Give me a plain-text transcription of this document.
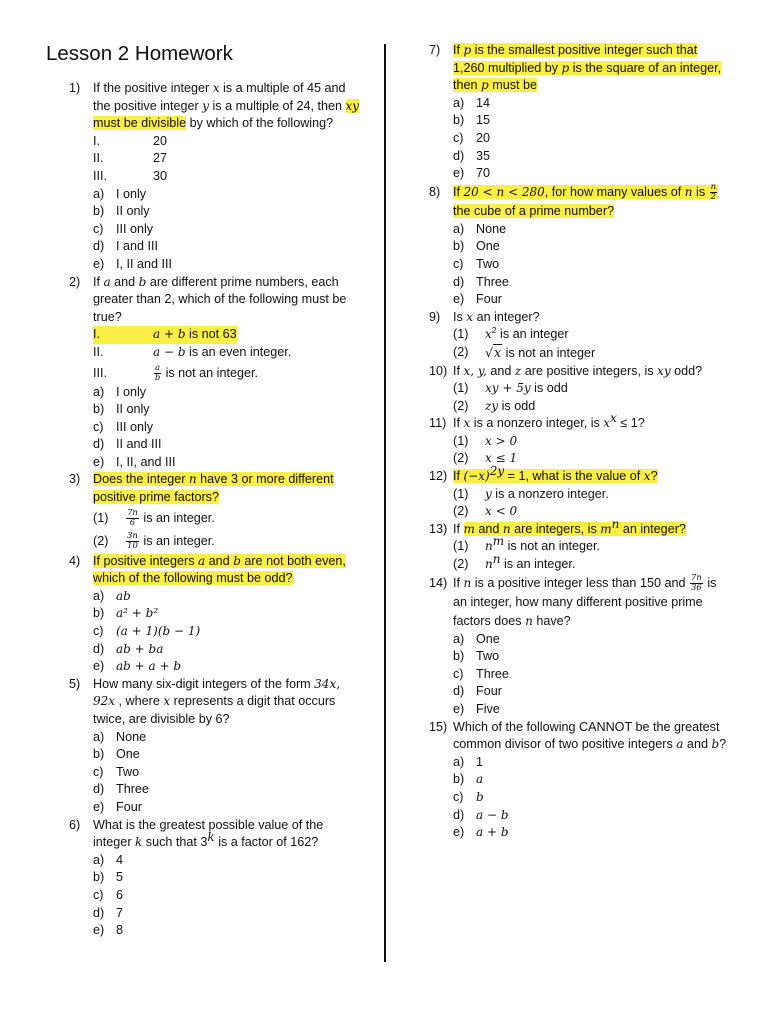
Lesson 2 Homework
1)	If the positive integer x is a multiple of 45 and the positive integer y is a multiple of 24, then xy must be divisible by which of the following?
I.	20
II.	27
III.	30
a) I only
b) II only
c) III only
d) I and III
e) I, II and III
2)	If a and b are different prime numbers, each greater than 2, which of the following must be true?
I.	a + b is not 63
II.	a − b is an even integer.
III.	$\frac{a}{b}$ is not an integer.
a) I only
b) II only
c) III only
d) II and III
e) I, II, and III
3)	Does the integer n have 3 or more different positive prime factors?
(1)	$\frac{7n}{6}$ is an integer.
(2)	$\frac{3n}{10}$ is an integer.
4)	If positive integers a and b are not both even, which of the following must be odd?
a) ab
b) a² + b²
c)	(a + 1)(b − 1)
d) ab + ba
e) ab + a + b
5)	How many six-digit integers of the form 34x, 92x , where x represents a digit that occurs twice, are divisible by 6?
a) None
b) One
c) Two
d) Three
e) Four
6)	What is the greatest possible value of the integer k such that 3$^k$ is a factor of 162?
a) 4
b) 5
c) 6
d) 7
e) 8
7)	If p is the smallest positive integer such that 1,260 multiplied by p is the square of an integer, then p must be
a) 14
b) 15
c) 20
d) 35
e) 70
8)	If 20 < n < 280, for how many values of n is $\frac{n}{2}$
the cube of a prime number?
a) None
b) One
c) Two
d) Three
e) Four
9)	Is x an integer?
(1)	$x^2$ is an integer
(2)	√x is not an integer
10) If x, y, and z are positive integers, is xy odd?
(1)	xy + 5y is odd
(2)	zy is odd
11) If x is a nonzero integer, is $x^x \le 1$?
(1)	x > 0
(2)	x ≤ 1
12) If $(-x)^{2y} = 1$, what is the value of x?
(1)	y is a nonzero integer.
(2)	x < 0
13) If m and n are integers, is $m^n$ an integer?
(1)	$n^m$ is not an integer.
(2)	$n^n$ is an integer.
14) If n is a positive integer less than 150 and $\frac{7n}{36}$ is an integer, how many different positive prime factors does n have?
a) One
b) Two
c) Three
d) Four
e) Five
15) Which of the following CANNOT be the greatest common divisor of two positive integers a and b?
a) 1
b) a
c)	b
d) a − b
e) a + b
